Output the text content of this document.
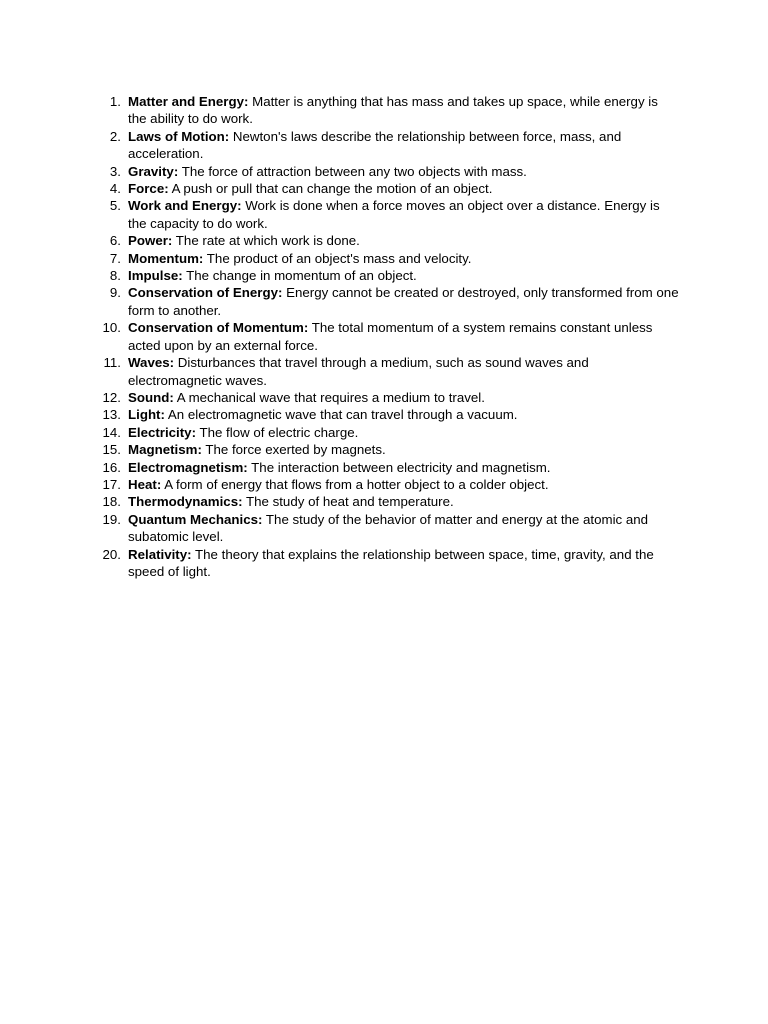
1. Matter and Energy: Matter is anything that has mass and takes up space, while energy is the ability to do work.
2. Laws of Motion: Newton's laws describe the relationship between force, mass, and acceleration.
3. Gravity: The force of attraction between any two objects with mass.
4. Force: A push or pull that can change the motion of an object.
5. Work and Energy: Work is done when a force moves an object over a distance. Energy is the capacity to do work.
6. Power: The rate at which work is done.
7. Momentum: The product of an object's mass and velocity.
8. Impulse: The change in momentum of an object.
9. Conservation of Energy: Energy cannot be created or destroyed, only transformed from one form to another.
10. Conservation of Momentum: The total momentum of a system remains constant unless acted upon by an external force.
11. Waves: Disturbances that travel through a medium, such as sound waves and electromagnetic waves.
12. Sound: A mechanical wave that requires a medium to travel.
13. Light: An electromagnetic wave that can travel through a vacuum.
14. Electricity: The flow of electric charge.
15. Magnetism: The force exerted by magnets.
16. Electromagnetism: The interaction between electricity and magnetism.
17. Heat: A form of energy that flows from a hotter object to a colder object.
18. Thermodynamics: The study of heat and temperature.
19. Quantum Mechanics: The study of the behavior of matter and energy at the atomic and subatomic level.
20. Relativity: The theory that explains the relationship between space, time, gravity, and the speed of light.
